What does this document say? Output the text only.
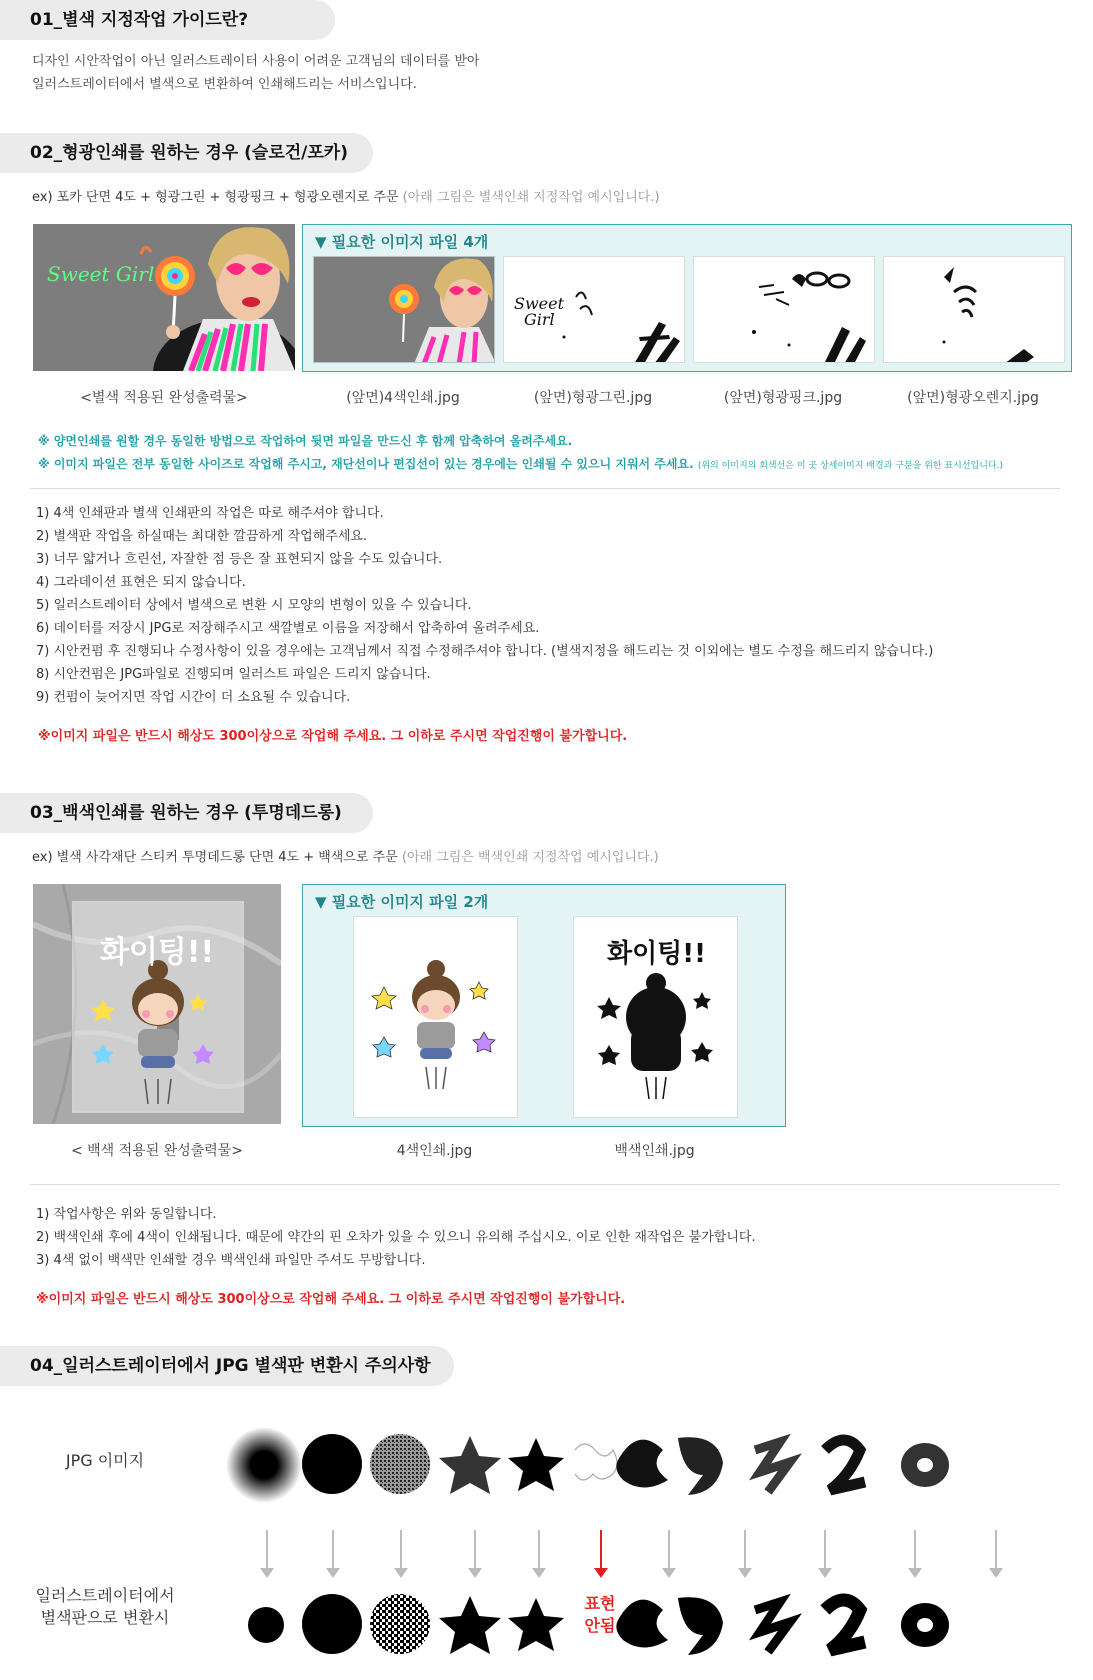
01_별색 지정작업 가이드란?
디자인 시안작업이 아닌 일러스트레이터 사용이 어려운 고객님의 데이터를 받아
일러스트레이터에서 별색으로 변환하여 인쇄해드리는 서비스입니다.
02_형광인쇄를 원하는 경우 (슬로건/포카)
ex) 포카 단면 4도 + 형광그린 + 형광핑크 + 형광오렌지로 주문 (아래 그림은 별색인쇄 지정작업 예시입니다.)
Sweet Girl
▼ 필요한 이미지 파일 4개
Sweet
Girl
<별색 적용된 완성출력물>	(앞면)4색인쇄.jpg	(앞면)형광그린.jpg	(앞면)형광핑크.jpg	(앞면)형광오렌지.jpg
※ 양면인쇄를 원할 경우 동일한 방법으로 작업하여 뒷면 파일을 만드신 후 함께 압축하여 올려주세요.
※ 이미지 파일은 전부 동일한 사이즈로 작업해 주시고, 재단선이나 편집선이 있는 경우에는 인쇄될 수 있으니 지워서 주세요. (위의 이미지의 회색선은 이 곳 상세이미지 배경과 구분을 위한 표시선입니다.)
1) 4색 인쇄판과 별색 인쇄판의 작업은 따로 해주셔야 합니다.
2) 별색판 작업을 하실때는 최대한 깔끔하게 작업해주세요.
3) 너무 얇거나 흐린선, 자잘한 점 등은 잘 표현되지 않을 수도 있습니다.
4) 그라데이션 표현은 되지 않습니다.
5) 일러스트레이터 상에서 별색으로 변환 시 모양의 변형이 있을 수 있습니다.
6) 데이터를 저장시 JPG로 저장해주시고 색깔별로 이름을 저장해서 압축하여 올려주세요.
7) 시안컨펌 후 진행되나 수정사항이 있을 경우에는 고객님께서 직접 수정해주셔야 합니다. (별색지정을 해드리는 것 이외에는 별도 수정을 해드리지 않습니다.)
8) 시안컨펌은 JPG파일로 진행되며 일러스트 파일은 드리지 않습니다.
9) 컨펌이 늦어지면 작업 시간이 더 소요될 수 있습니다.
※이미지 파일은 반드시 해상도 300이상으로 작업해 주세요. 그 이하로 주시면 작업진행이 불가합니다.
03_백색인쇄를 원하는 경우 (투명데드롱)
ex) 별색 사각재단 스티커 투명데드롱 단면 4도 + 백색으로 주문 (아래 그림은 백색인쇄 지정작업 예시입니다.)
화이팅!!
▼ 필요한 이미지 파일 2개
화이팅!!
< 백색 적용된 완성출력물>	4색인쇄.jpg	백색인쇄.jpg
1) 작업사항은 위와 동일합니다.
2) 백색인쇄 후에 4색이 인쇄됩니다. 때문에 약간의 핀 오차가 있을 수 있으니 유의해 주십시오. 이로 인한 재작업은 불가합니다.
3) 4색 없이 백색만 인쇄할 경우 백색인쇄 파일만 주셔도 무방합니다.
※이미지 파일은 반드시 해상도 300이상으로 작업해 주세요. 그 이하로 주시면 작업진행이 불가합니다.
04_일러스트레이터에서 JPG 별색판 변환시 주의사항
JPG 이미지
일러스트레이터에서
별색판으로 변환시
표현
안됨
